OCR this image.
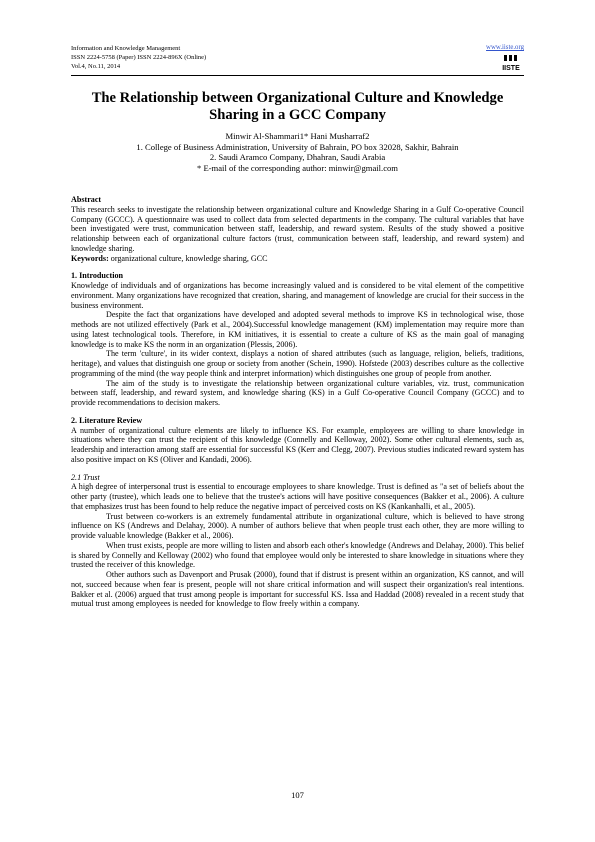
Information and Knowledge Management
ISSN 2224-5758 (Paper) ISSN 2224-896X (Online)
Vol.4, No.11, 2014
www.iiste.org
IISTE
The Relationship between Organizational Culture and Knowledge Sharing in a GCC Company
Minwir Al-Shammari1* Hani Musharraf2
1. College of Business Administration, University of Bahrain, PO box 32028, Sakhir, Bahrain
2. Saudi Aramco Company, Dhahran, Saudi Arabia
* E-mail of the corresponding author: minwir@gmail.com

Abstract

This research seeks to investigate the relationship between organizational culture and Knowledge Sharing in a Gulf Co-operative Council Company (GCCC). A questionnaire was used to collect data from selected departments in the company. The cultural variables that have been investigated were trust, communication between staff, leadership, and reward system. Results of the study showed a positive relationship between each of organizational culture factors (trust, communication between staff, leadership, and reward system) and knowledge sharing.

Keywords: organizational culture, knowledge sharing, GCC

1. Introduction

Knowledge of individuals and of organizations has become increasingly valued and is considered to be vital element of the competitive environment. Many organizations have recognized that creation, sharing, and management of knowledge are crucial for their success in the business environment.

Despite the fact that organizations have developed and adopted several methods to improve KS in technological wise, those methods are not utilized effectively (Park et al., 2004).Successful knowledge management (KM) implementation may require more than using latest technological tools. Therefore, in KM initiatives, it is essential to create a culture of KS as the main goal of managing knowledge is to make KS the norm in an organization (Plessis, 2006).

The term 'culture', in its wider context, displays a notion of shared attributes (such as language, religion, beliefs, traditions, heritage), and values that distinguish one group or society from another (Schein, 1990). Hofstede (2003) describes culture as the collective programming of the mind (the way people think and interpret information) which distinguishes one group of people from another.

The aim of the study is to investigate the relationship between organizational culture variables, viz. trust, communication between staff, leadership, and reward system, and knowledge sharing (KS) in a Gulf Co-operative Council Company (GCCC) and to provide recommendations to decision makers.

2. Literature Review

A number of organizational culture elements are likely to influence KS. For example, employees are willing to share knowledge in situations where they can trust the recipient of this knowledge (Connelly and Kelloway, 2002). Some other cultural elements, such as, leadership and interaction among staff are essential for successful KS (Kerr and Clegg, 2007). Previous studies indicated reward system has also positive impact on KS (Oliver and Kandadi, 2006).

2.1 Trust

A high degree of interpersonal trust is essential to encourage employees to share knowledge. Trust is defined as "a set of beliefs about the other party (trustee), which leads one to believe that the trustee's actions will have positive consequences (Bakker et al., 2006). A culture that emphasizes trust has been found to help reduce the negative impact of perceived costs on KS (Kankanhalli, et al., 2005).

Trust between co-workers is an extremely fundamental attribute in organizational culture, which is believed to have strong influence on KS (Andrews and Delahay, 2000). A number of authors believe that when people trust each other, they are more willing to provide valuable knowledge (Bakker et al., 2006).

When trust exists, people are more willing to listen and absorb each other's knowledge (Andrews and Delahay, 2000). This belief is shared by Connelly and Kelloway (2002) who found that employee would only be interested to share knowledge in situations where they trusted the receiver of this knowledge.

Other authors such as Davenport and Prusak (2000), found that if distrust is present within an organization, KS cannot, and will not, succeed because when fear is present, people will not share critical information and will suspect their organization's real intentions. Bakker et al. (2006) argued that trust among people is important for successful KS. Issa and Haddad (2008) revealed in a recent study that mutual trust among employees is needed for knowledge to flow freely within a company.

107
